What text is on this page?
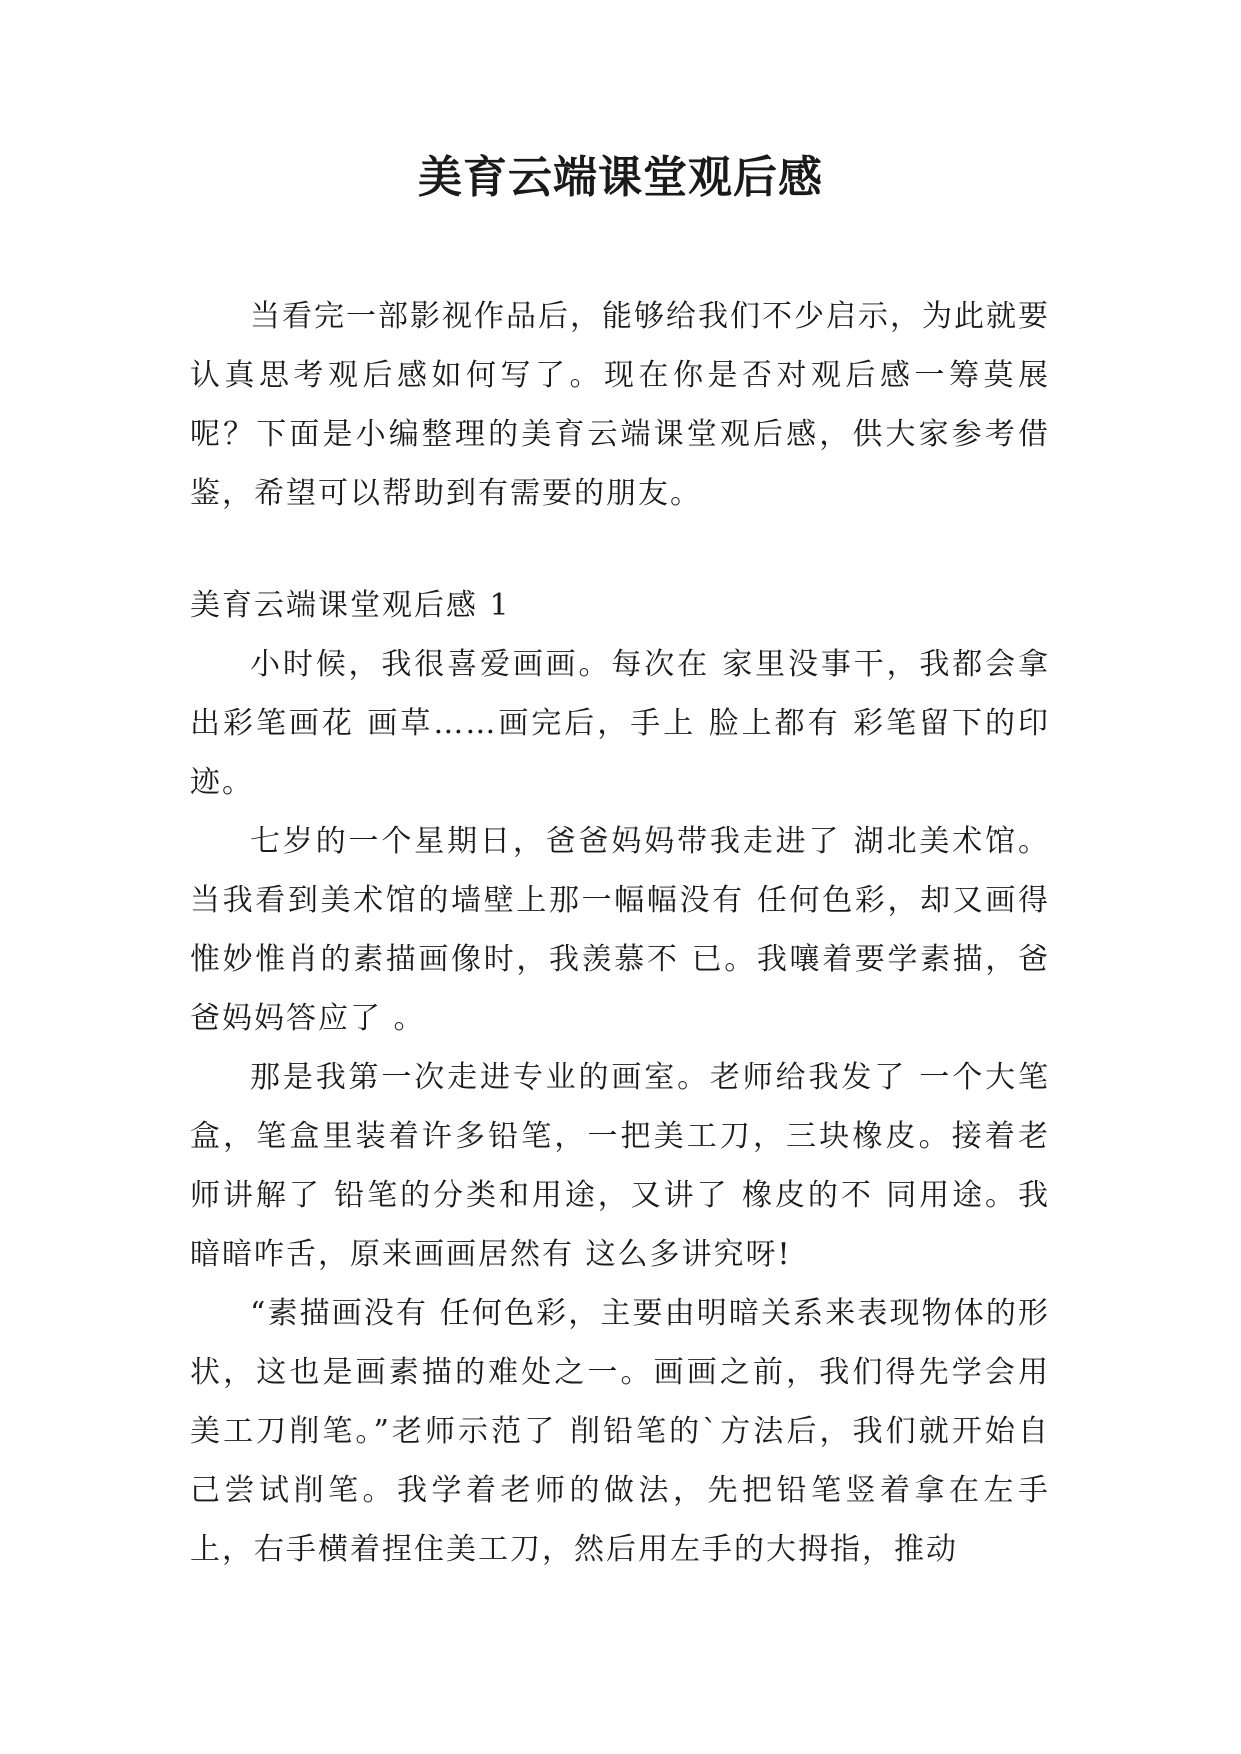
美育云端课堂观后感

当看完一部影视作品后，能够给我们不少启示，为此就要认真思考观后感如何写了。现在你是否对观后感一筹莫展呢？下面是小编整理的美育云端课堂观后感，供大家参考借鉴，希望可以帮助到有需要的朋友。

美育云端课堂观后感 1

小时候，我很喜爱画画。每次在 家里没事干，我都会拿出彩笔画花 画草……画完后，手上 脸上都有 彩笔留下的印迹。

七岁的一个星期日，爸爸妈妈带我走进了 湖北美术馆。当我看到美术馆的墙壁上那一幅幅没有 任何色彩，却又画得惟妙惟肖的素描画像时，我羡慕不 已。我嚷着要学素描，爸爸妈妈答应了 。

那是我第一次走进专业的画室。老师给我发了 一个大笔盒，笔盒里装着许多铅笔，一把美工刀，三块橡皮。接着老师讲解了 铅笔的分类和用途，又讲了 橡皮的不 同用途。我暗暗咋舌，原来画画居然有 这么多讲究呀!

“素描画没有 任何色彩，主要由明暗关系来表现物体的形状，这也是画素描的难处之一。画画之前，我们得先学会用美工刀削笔。”老师示范了 削铅笔的`方法后，我们就开始自己尝试削笔。我学着老师的做法，先把铅笔竖着拿在左手上，右手横着捏住美工刀，然后用左手的大拇指，推动
